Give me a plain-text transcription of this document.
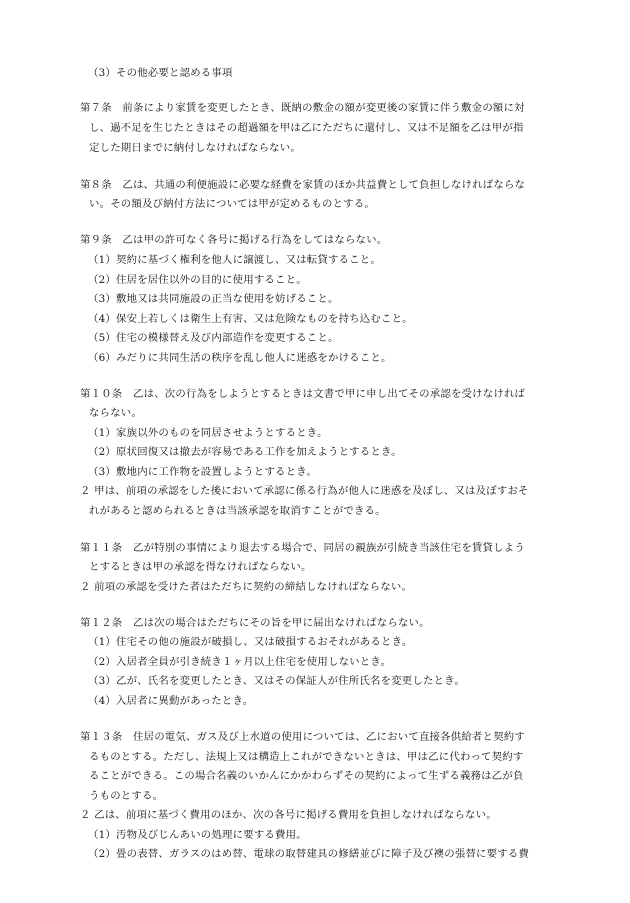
（3）その他必要と認める事項
第７条　前条により家賃を変更したとき、既納の敷金の額が変更後の家賃に伴う敷金の額に対
し、過不足を生じたときはその超過額を甲は乙にただちに還付し、又は不足額を乙は甲が指
定した期日までに納付しなければならない。
第８条　乙は、共通の利便施設に必要な経費を家賃のほか共益費として負担しなければならな
い。その額及び納付方法については甲が定めるものとする。
第９条　乙は甲の許可なく各号に掲げる行為をしてはならない。
（1）契約に基づく権利を他人に譲渡し、又は転貸すること。
（2）住居を居住以外の目的に使用すること。
（3）敷地又は共同施設の正当な使用を妨げること。
（4）保安上若しくは衛生上有害、又は危険なものを持ち込むこと。
（5）住宅の模様替え及び内部造作を変更すること。
（6）みだりに共同生活の秩序を乱し他人に迷惑をかけること。
第１０条　乙は、次の行為をしようとするときは文書で甲に申し出てその承認を受けなければ
ならない。
（1）家族以外のものを同居させようとするとき。
（2）原状回復又は撤去が容易である工作を加えようとするとき。
（3）敷地内に工作物を設置しようとするとき。
２ 甲は、前項の承認をした後において承認に係る行為が他人に迷惑を及ぼし、又は及ぼすおそ
れがあると認められるときは当該承認を取消すことができる。
第１１条　乙が特別の事情により退去する場合で、同居の親族が引続き当該住宅を賃貸しよう
とするときは甲の承認を得なければならない。
２ 前項の承認を受けた者はただちに契約の締結しなければならない。
第１２条　乙は次の場合はただちにその旨を甲に届出なければならない。
（1）住宅その他の施設が破損し、又は破損するおそれがあるとき。
（2）入居者全員が引き続き１ヶ月以上住宅を使用しないとき。
（3）乙が、氏名を変更したとき、又はその保証人が住所氏名を変更したとき。
（4）入居者に異動があったとき。
第１３条　住居の電気、ガス及び上水道の使用については、乙において直接各供給者と契約す
るものとする。ただし、法規上又は構造上これができないときは、甲は乙に代わって契約す
ることができる。この場合名義のいかんにかかわらずその契約によって生ずる義務は乙が負
うものとする。
２ 乙は、前項に基づく費用のほか、次の各号に掲げる費用を負担しなければならない。
（1）汚物及びじんあいの処理に要する費用。
（2）畳の表替、ガラスのはめ替、電球の取替建具の修繕並びに障子及び襖の張替に要する費
